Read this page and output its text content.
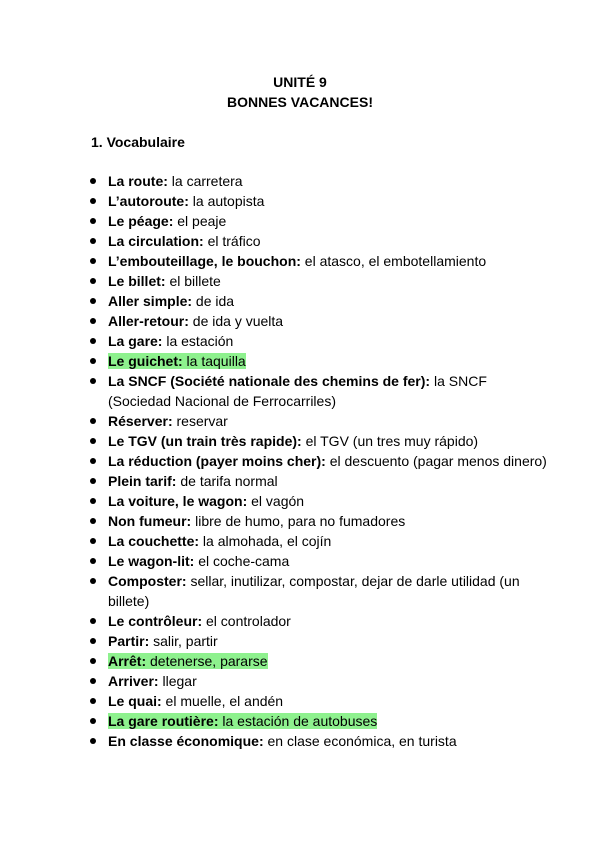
UNITÉ 9
BONNES VACANCES!
1. Vocabulaire
La route: la carretera
L’autoroute: la autopista
Le péage: el peaje
La circulation: el tráfico
L’embouteillage, le bouchon: el atasco, el embotellamiento
Le billet: el billete
Aller simple: de ida
Aller-retour: de ida y vuelta
La gare: la estación
Le guichet: la taquilla
La SNCF (Société nationale des chemins de fer): la SNCF (Sociedad Nacional de Ferrocarriles)
Réserver: reservar
Le TGV (un train très rapide): el TGV (un tres muy rápido)
La réduction (payer moins cher): el descuento (pagar menos dinero)
Plein tarif: de tarifa normal
La voiture, le wagon: el vagón
Non fumeur: libre de humo, para no fumadores
La couchette: la almohada, el cojín
Le wagon-lit: el coche-cama
Composter: sellar, inutilizar, compostar, dejar de darle utilidad (un billete)
Le contrôleur: el controlador
Partir: salir, partir
Arrêt: detenerse, pararse
Arriver: llegar
Le quai: el muelle, el andén
La gare routière: la estación de autobuses
En classe économique: en clase económica, en turista
